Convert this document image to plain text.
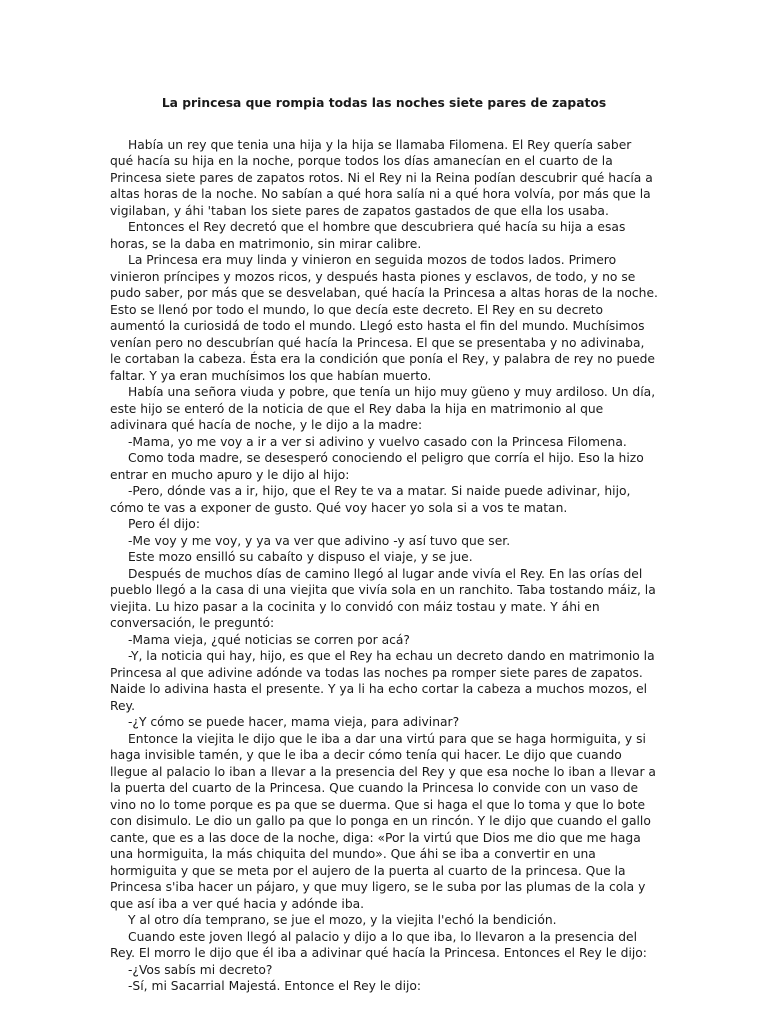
La princesa que rompia todas las noches siete pares de zapatos

Había un rey que tenia una hija y la hija se llamaba Filomena. El Rey quería saber qué hacía su hija en la noche, porque todos los días amanecían en el cuarto de la Princesa siete pares de zapatos rotos. Ni el Rey ni la Reina podían descubrir qué hacía a altas horas de la noche. No sabían a qué hora salía ni a qué hora volvía, por más que la vigilaban, y áhi 'taban los siete pares de zapatos gastados de que ella los usaba.

Entonces el Rey decretó que el hombre que descubriera qué hacía su hija a esas horas, se la daba en matrimonio, sin mirar calibre.

La Princesa era muy linda y vinieron en seguida mozos de todos lados. Primero vinieron príncipes y mozos ricos, y después hasta piones y esclavos, de todo, y no se pudo saber, por más que se desvelaban, qué hacía la Princesa a altas horas de la noche. Esto se llenó por todo el mundo, lo que decía este decreto. El Rey en su decreto aumentó la curiosidá de todo el mundo. Llegó esto hasta el fin del mundo. Muchísimos venían pero no descubrían qué hacía la Princesa. El que se presentaba y no adivinaba, le cortaban la cabeza. Ésta era la condición que ponía el Rey, y palabra de rey no puede faltar. Y ya eran muchísimos los que habían muerto.

Había una señora viuda y pobre, que tenía un hijo muy güeno y muy ardiloso. Un día, este hijo se enteró de la noticia de que el Rey daba la hija en matrimonio al que adivinara qué hacía de noche, y le dijo a la madre:

-Mama, yo me voy a ir a ver si adivino y vuelvo casado con la Princesa Filomena.

Como toda madre, se desesperó conociendo el peligro que corría el hijo. Eso la hizo entrar en mucho apuro y le dijo al hijo:

-Pero, dónde vas a ir, hijo, que el Rey te va a matar. Si naide puede adivinar, hijo, cómo te vas a exponer de gusto. Qué voy hacer yo sola si a vos te matan.

Pero él dijo:

-Me voy y me voy, y ya va ver que adivino -y así tuvo que ser.

Este mozo ensilló su cabaíto y dispuso el viaje, y se jue.

Después de muchos días de camino llegó al lugar ande vivía el Rey. En las orías del pueblo llegó a la casa di una viejita que vivía sola en un ranchito. Taba tostando máiz, la viejita. Lu hizo pasar a la cocinita y lo convidó con máiz tostau y mate. Y áhi en conversación, le preguntó:

-Mama vieja, ¿qué noticias se corren por acá?

-Y, la noticia qui hay, hijo, es que el Rey ha echau un decreto dando en matrimonio la Princesa al que adivine adónde va todas las noches pa romper siete pares de zapatos. Naide lo adivina hasta el presente. Y ya li ha echo cortar la cabeza a muchos mozos, el Rey.

-¿Y cómo se puede hacer, mama vieja, para adivinar?

Entonce la viejita le dijo que le iba a dar una virtú para que se haga hormiguita, y si haga invisible tamén, y que le iba a decir cómo tenía qui hacer. Le dijo que cuando llegue al palacio lo iban a llevar a la presencia del Rey y que esa noche lo iban a llevar a la puerta del cuarto de la Princesa. Que cuando la Princesa lo convide con un vaso de vino no lo tome porque es pa que se duerma. Que si haga el que lo toma y que lo bote con disimulo. Le dio un gallo pa que lo ponga en un rincón. Y le dijo que cuando el gallo cante, que es a las doce de la noche, diga: «Por la virtú que Dios me dio que me haga una hormiguita, la más chiquita del mundo». Que áhi se iba a convertir en una hormiguita y que se meta por el aujero de la puerta al cuarto de la princesa. Que la Princesa s'iba hacer un pájaro, y que muy ligero, se le suba por las plumas de la cola y que así iba a ver qué hacia y adónde iba.

Y al otro día temprano, se jue el mozo, y la viejita l'echó la bendición.

Cuando este joven llegó al palacio y dijo a lo que iba, lo llevaron a la presencia del Rey. El morro le dijo que él iba a adivinar qué hacía la Princesa. Entonces el Rey le dijo:

-¿Vos sabís mi decreto?

-Sí, mi Sacarrial Majestá. Entonce el Rey le dijo:
